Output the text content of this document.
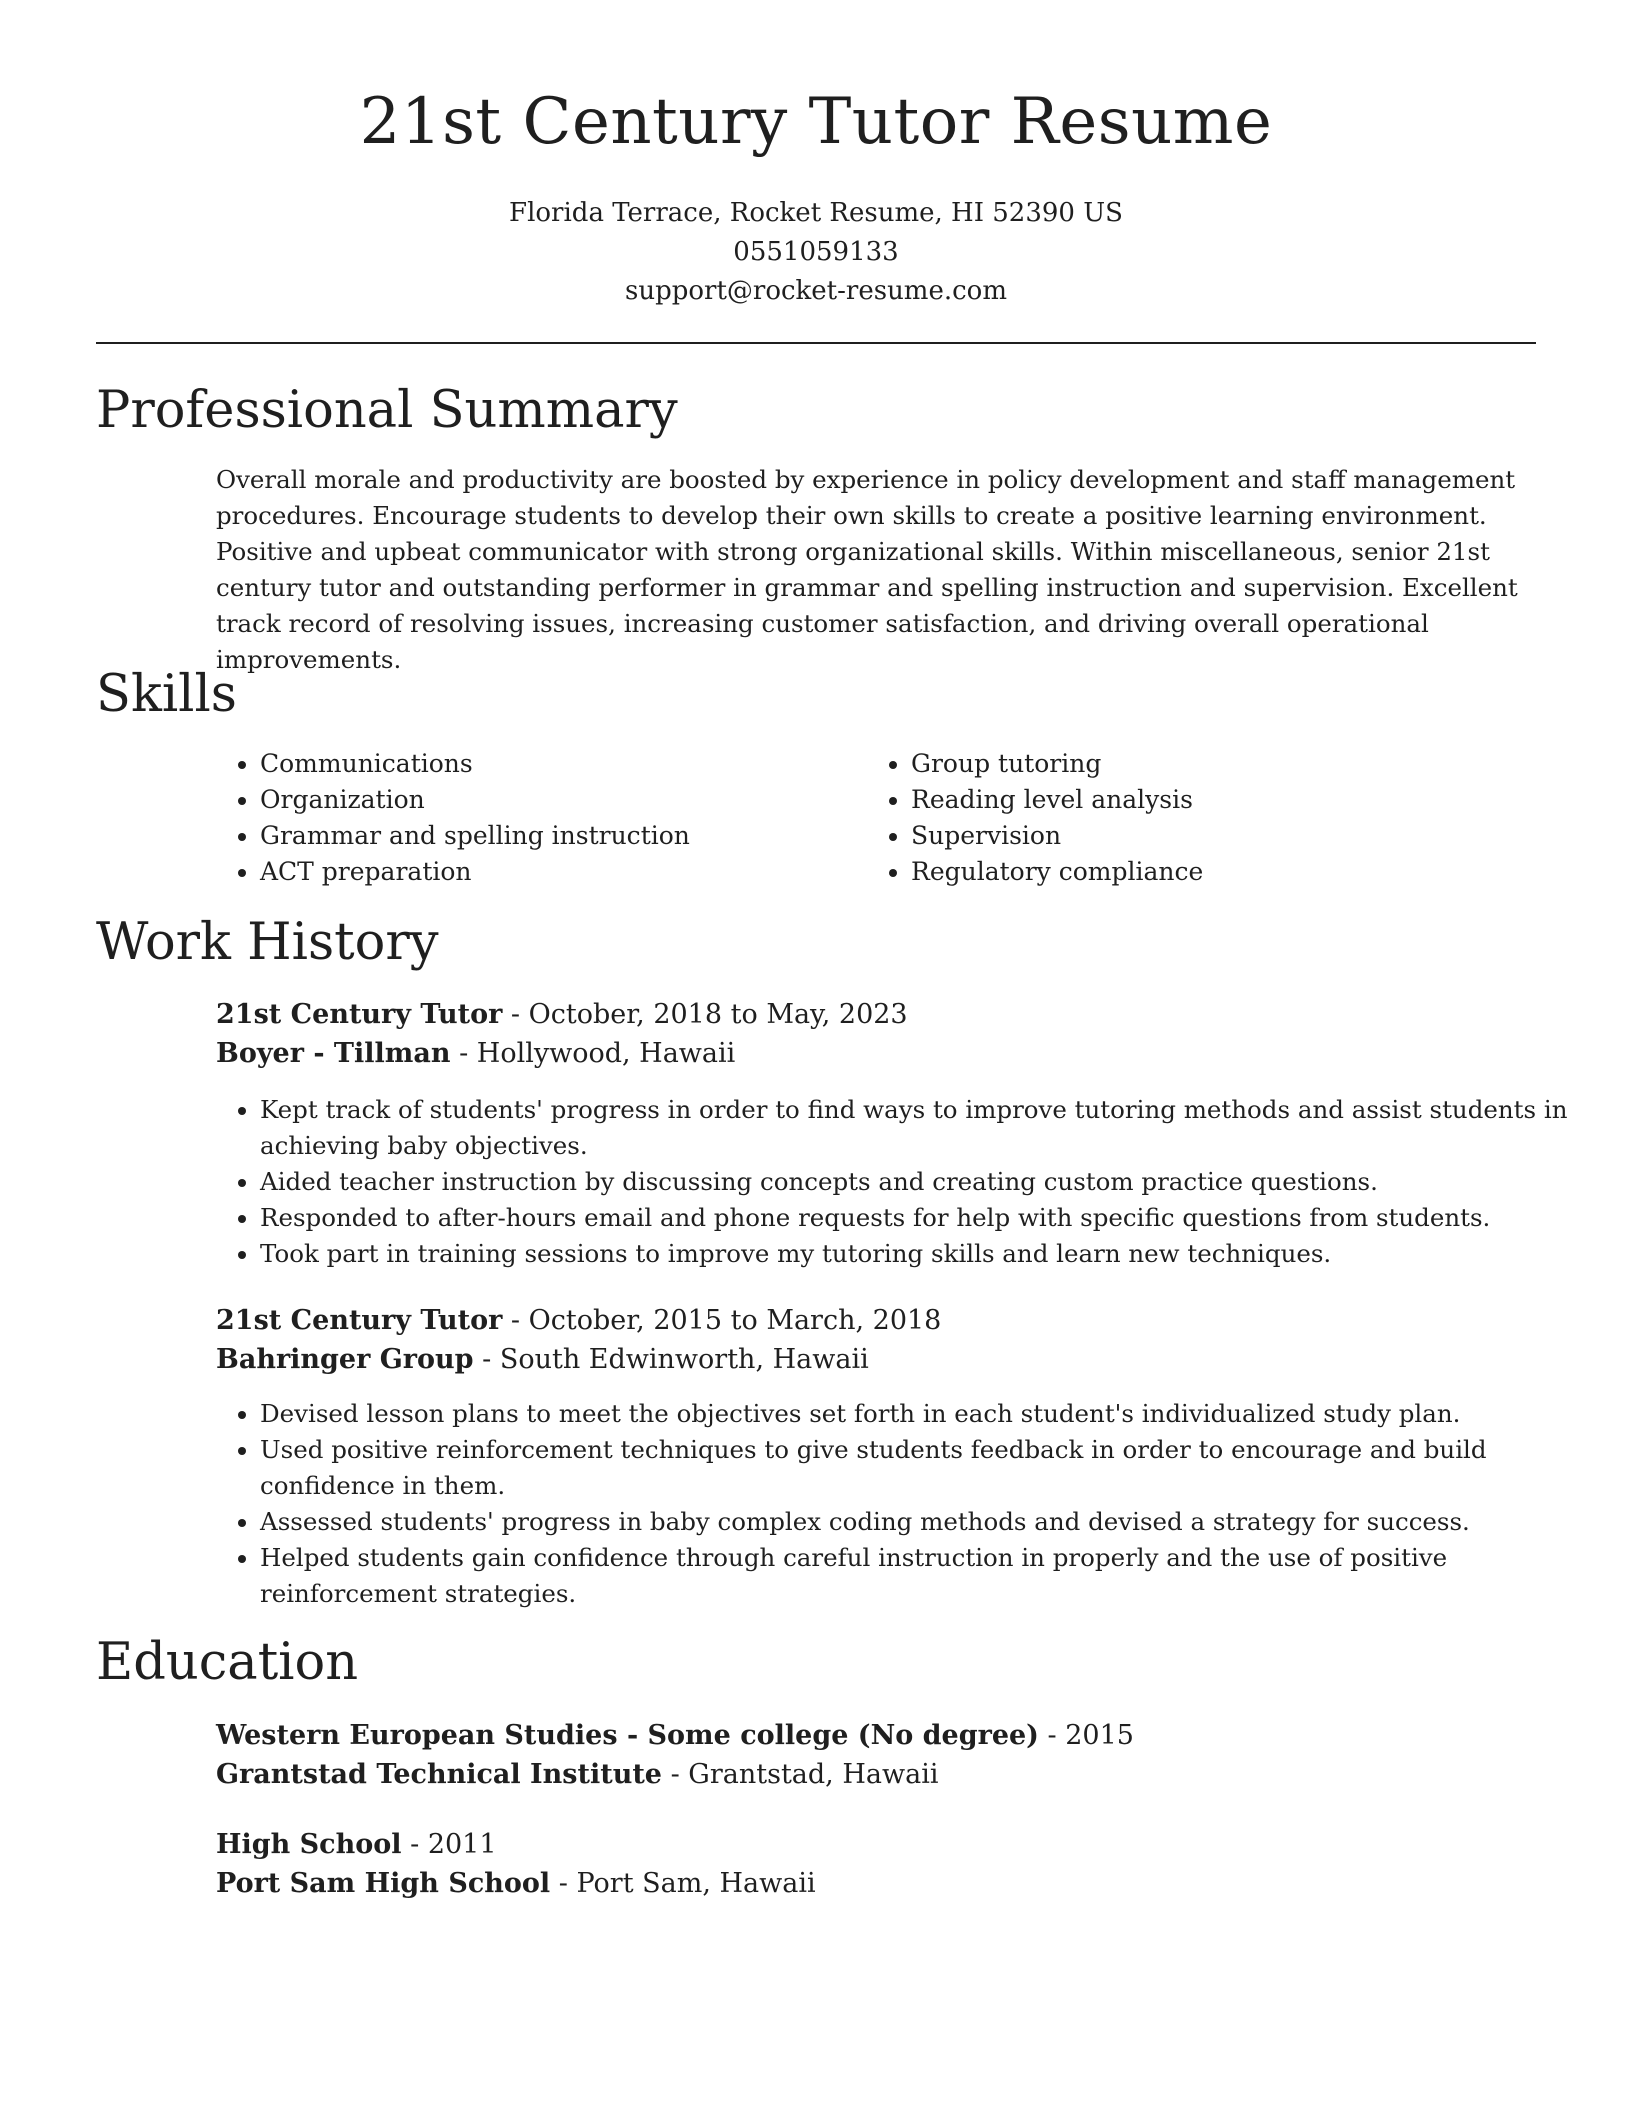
21st Century Tutor Resume
Florida Terrace, Rocket Resume, HI 52390 US
0551059133
support@rocket-resume.com
Professional Summary

Overall morale and productivity are boosted by experience in policy development and staff management procedures. Encourage students to develop their own skills to create a positive learning environment. Positive and upbeat communicator with strong organizational skills. Within miscellaneous, senior 21st century tutor and outstanding performer in grammar and spelling instruction and supervision. Excellent track record of resolving issues, increasing customer satisfaction, and driving overall operational improvements.

Skills
• Communications
• Organization
• Grammar and spelling instruction
• ACT preparation
• Group tutoring
• Reading level analysis
• Supervision
• Regulatory compliance
Work History
21st Century Tutor - October, 2018 to May, 2023
Boyer - Tillman - Hollywood, Hawaii
• Kept track of students' progress in order to find ways to improve tutoring methods and assist students in achieving baby objectives.
• Aided teacher instruction by discussing concepts and creating custom practice questions.
• Responded to after-hours email and phone requests for help with specific questions from students.
• Took part in training sessions to improve my tutoring skills and learn new techniques.
21st Century Tutor - October, 2015 to March, 2018
Bahringer Group - South Edwinworth, Hawaii
• Devised lesson plans to meet the objectives set forth in each student's individualized study plan.
• Used positive reinforcement techniques to give students feedback in order to encourage and build confidence in them.
• Assessed students' progress in baby complex coding methods and devised a strategy for success.
• Helped students gain confidence through careful instruction in properly and the use of positive reinforcement strategies.
Education
Western European Studies - Some college (No degree) - 2015
Grantstad Technical Institute - Grantstad, Hawaii
High School - 2011
Port Sam High School - Port Sam, Hawaii
